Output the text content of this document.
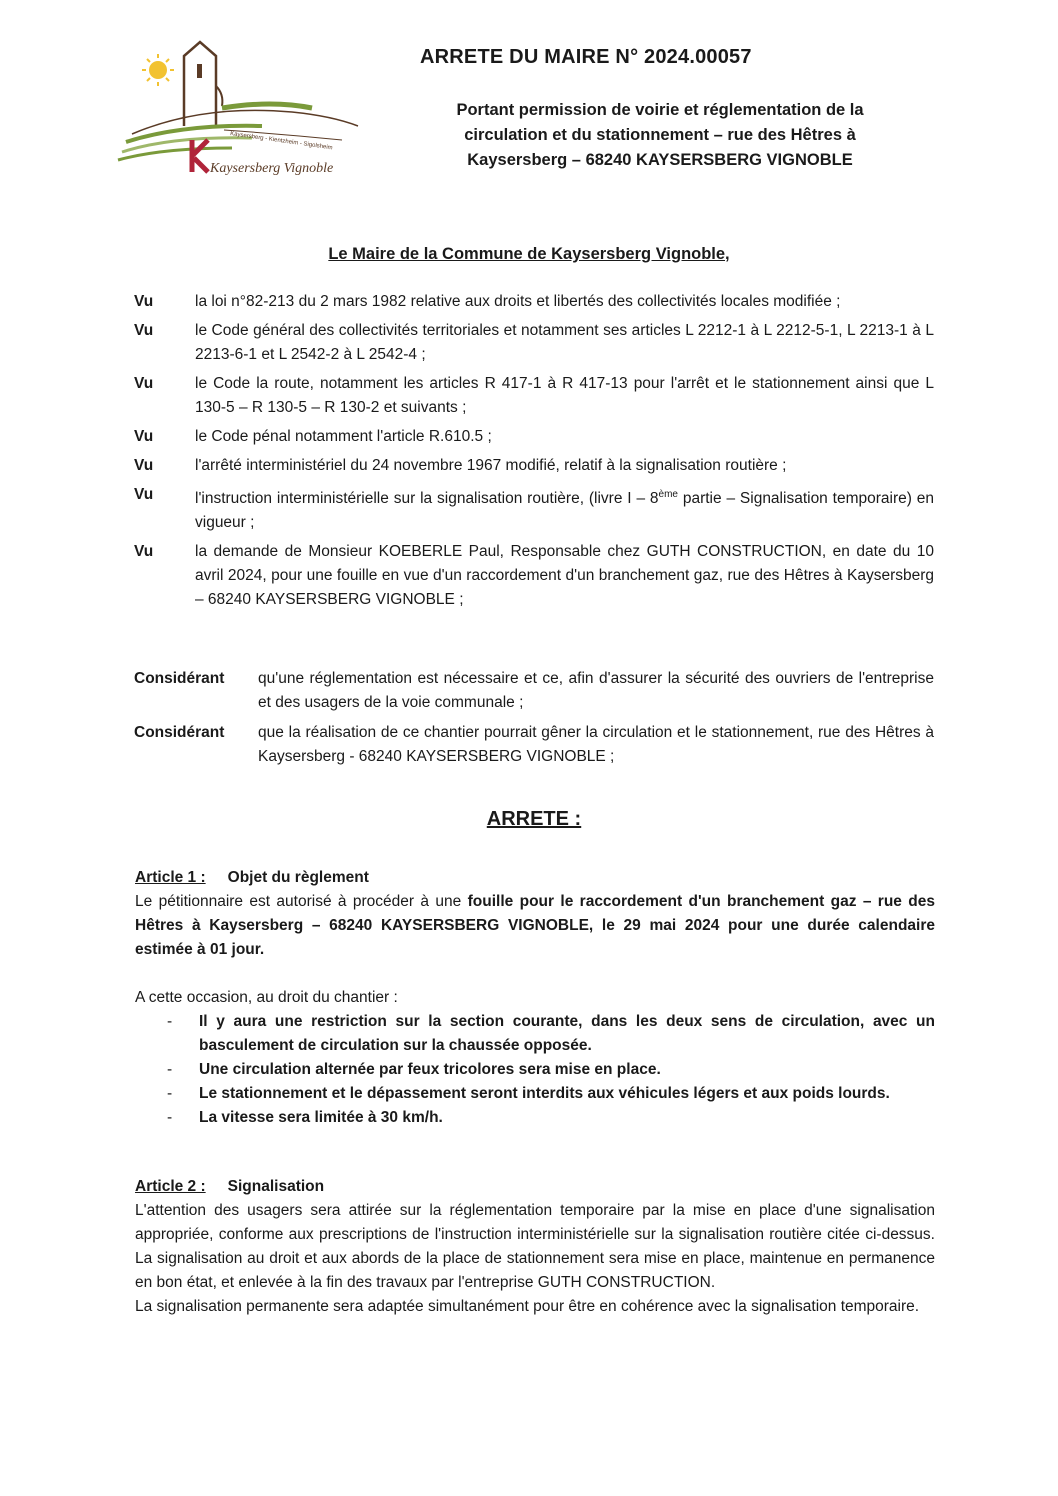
Kaysersberg - Kientzheim - Sigolsheim
Kaysersberg Vignoble
ARRETE DU MAIRE N° 2024.00057
Portant permission de voirie et réglementation de la
circulation et du stationnement – rue des Hêtres à
Kaysersberg – 68240 KAYSERSBERG VIGNOBLE
Le Maire de la Commune de Kaysersberg Vignoble,
Vu	la loi n°82-213 du 2 mars 1982 relative aux droits et libertés des collectivités locales modifiée ;
Vu	le Code général des collectivités territoriales et notamment ses articles L 2212-1 à L 2212-5-1, L 2213-1 à L 2213-6-1 et L 2542-2 à L 2542-4 ;
Vu	le Code la route, notamment les articles R 417-1 à R 417-13 pour l'arrêt et le stationnement ainsi que L 130-5 – R 130-5 – R 130-2 et suivants ;
Vu	le Code pénal notamment l'article R.610.5 ;
Vu	l'arrêté interministériel du 24 novembre 1967 modifié, relatif à la signalisation routière ;
Vu	l'instruction interministérielle sur la signalisation routière, (livre I – 8ème partie – Signalisation temporaire) en vigueur ;
Vu	la demande de Monsieur KOEBERLE Paul, Responsable chez GUTH CONSTRUCTION, en date du 10 avril 2024, pour une fouille en vue d'un raccordement d'un branchement gaz, rue des Hêtres à Kaysersberg – 68240 KAYSERSBERG VIGNOBLE ;
Considérant	qu'une réglementation est nécessaire et ce, afin d'assurer la sécurité des ouvriers de l'entreprise et des usagers de la voie communale ;
Considérant	que la réalisation de ce chantier pourrait gêner la circulation et le stationnement, rue des Hêtres à Kaysersberg - 68240 KAYSERSBERG VIGNOBLE ;
ARRETE :
Article 1 : Objet du règlement
Le pétitionnaire est autorisé à procéder à une fouille pour le raccordement d'un branchement gaz – rue des Hêtres à Kaysersberg – 68240 KAYSERSBERG VIGNOBLE, le 29 mai 2024 pour une durée calendaire estimée à 01 jour.
A cette occasion, au droit du chantier :
- Il y aura une restriction sur la section courante, dans les deux sens de circulation, avec un basculement de circulation sur la chaussée opposée.
- Une circulation alternée par feux tricolores sera mise en place.
- Le stationnement et le dépassement seront interdits aux véhicules légers et aux poids lourds.
- La vitesse sera limitée à 30 km/h.
Article 2 : Signalisation
L'attention des usagers sera attirée sur la réglementation temporaire par la mise en place d'une signalisation appropriée, conforme aux prescriptions de l'instruction interministérielle sur la signalisation routière citée ci-dessus. La signalisation au droit et aux abords de la place de stationnement sera mise en place, maintenue en permanence en bon état, et enlevée à la fin des travaux par l'entreprise GUTH CONSTRUCTION.
La signalisation permanente sera adaptée simultanément pour être en cohérence avec la signalisation temporaire.
